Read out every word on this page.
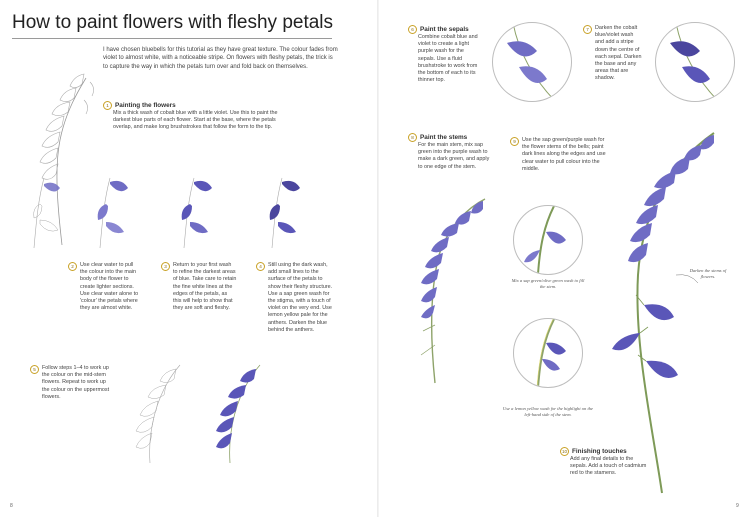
How to paint flowers with fleshy petals
I have chosen bluebells for this tutorial as they have great texture. The colour fades from violet to almost white, with a noticeable stripe. On flowers with fleshy petals, the trick is to capture the way in which the petals turn over and fold back on themselves.
1 Painting the flowers
Mix a thick wash of cobalt blue with a little violet. Use this to paint the darkest blue parts of each flower. Start at the base, where the petals overlap, and make long brushstrokes that follow the form to the tip.
2	Use clear water to pull the colour into the main body of the flower to create lighter sections. Use clear water alone to 'colour' the petals where they are almost white.
3	Return to your first wash to refine the darkest areas of blue. Take care to retain the fine white lines at the edges of the petals, as this will help to show that they are soft and fleshy.
4	Still using the dark wash, add small lines to the surface of the petals to show their fleshy structure. Use a sap green wash for the stigma, with a touch of violet on the very end. Use lemon yellow pale for the anthers. Darken the blue behind the anthers.
5	Follow steps 1–4 to work up the colour on the mid-stem flowers. Repeat to work up the colour on the uppermost flowers.
8
6 Paint the sepals
Combine cobalt blue and violet to create a light purple wash for the sepals. Use a fluid brushstroke to work from the bottom of each to its thinner top.
7	Darken the cobalt blue/violet wash and add a stripe down the centre of each sepal. Darken the base and any areas that are shadow.
8 Paint the stems
For the main stem, mix sap green into the purple wash to make a dark green, and apply to one edge of the stem.
9	Use the sap green/purple wash for the flower stems of the bells; paint dark lines along the edges and use clear water to pull colour into the middle.
Mix a sap green/olive green wash to fill the stem.
Use a lemon yellow wash for the highlight on the left-hand side of the stem.
Darken the stems of flowers.
10 Finishing touches
Add any final details to the sepals. Add a touch of cadmium red to the stamens.
9
